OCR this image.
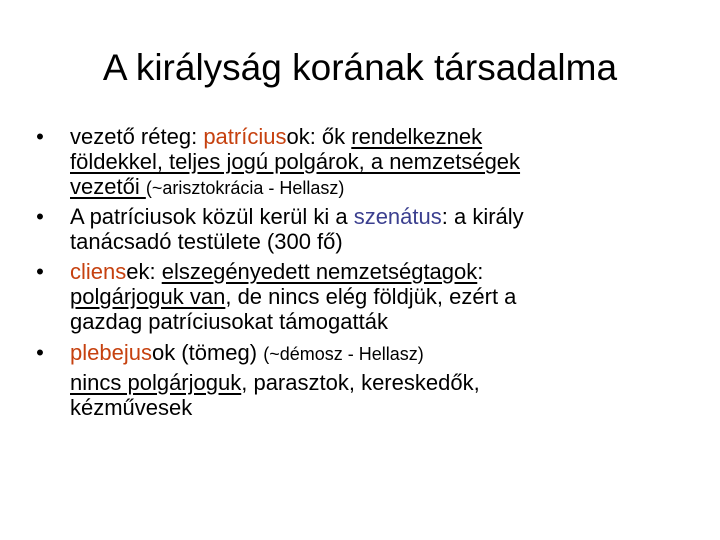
A királyság korának társadalma
• vezető réteg: patríciusok: ők rendelkeznek
földekkel, teljes jogú polgárok, a nemzetségek
vezetői (~arisztokrácia - Hellasz)
• A patríciusok közül kerül ki a szenátus: a király
tanácsadó testülete (300 fő)
• cliensek: elszegényedett nemzetségtagok:
polgárjoguk van, de nincs elég földjük, ezért a
gazdag patríciusokat támogatták
• plebejusok (tömeg) (~démosz - Hellasz)
nincs polgárjoguk, parasztok, kereskedők,
kézművesek
